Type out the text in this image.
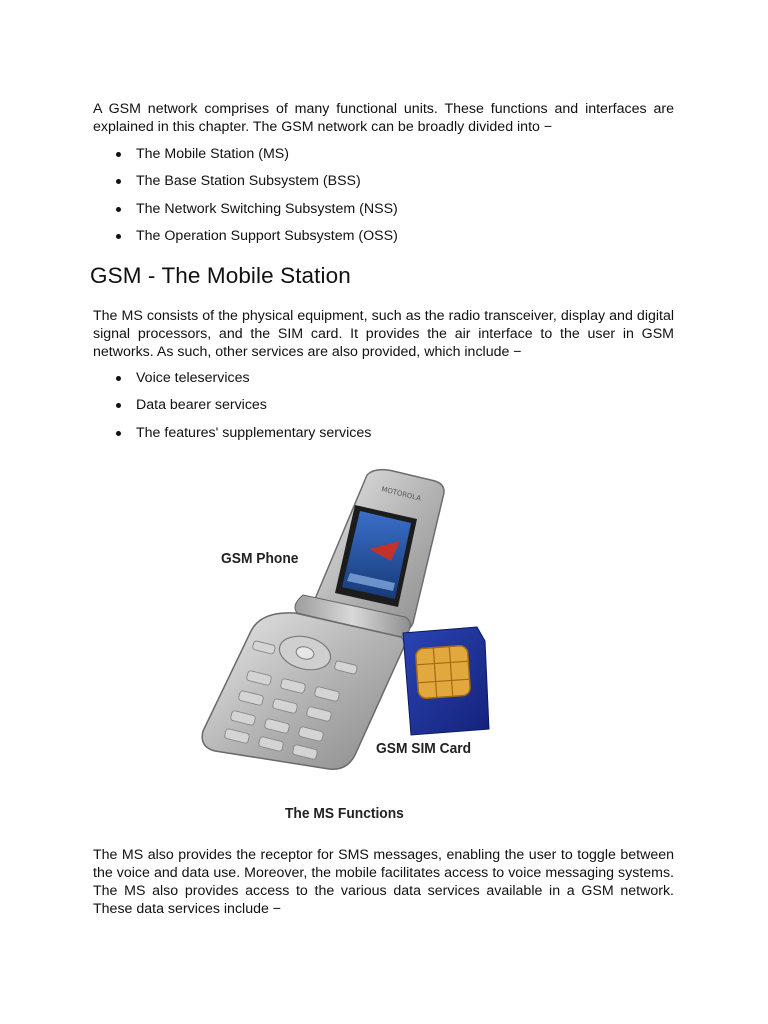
A GSM network comprises of many functional units. These functions and interfaces are explained in this chapter. The GSM network can be broadly divided into −

The Mobile Station (MS)
The Base Station Subsystem (BSS)
The Network Switching Subsystem (NSS)
The Operation Support Subsystem (OSS)
GSM - The Mobile Station

The MS consists of the physical equipment, such as the radio transceiver, display and digital signal processors, and the SIM card. It provides the air interface to the user in GSM networks. As such, other services are also provided, which include −

Voice teleservices
Data bearer services
The features' supplementary services
MOTOROLA
GSM Phone
GSM SIM Card
The MS Functions

The MS also provides the receptor for SMS messages, enabling the user to toggle between the voice and data use. Moreover, the mobile facilitates access to voice messaging systems. The MS also provides access to the various data services available in a GSM network. These data services include −
